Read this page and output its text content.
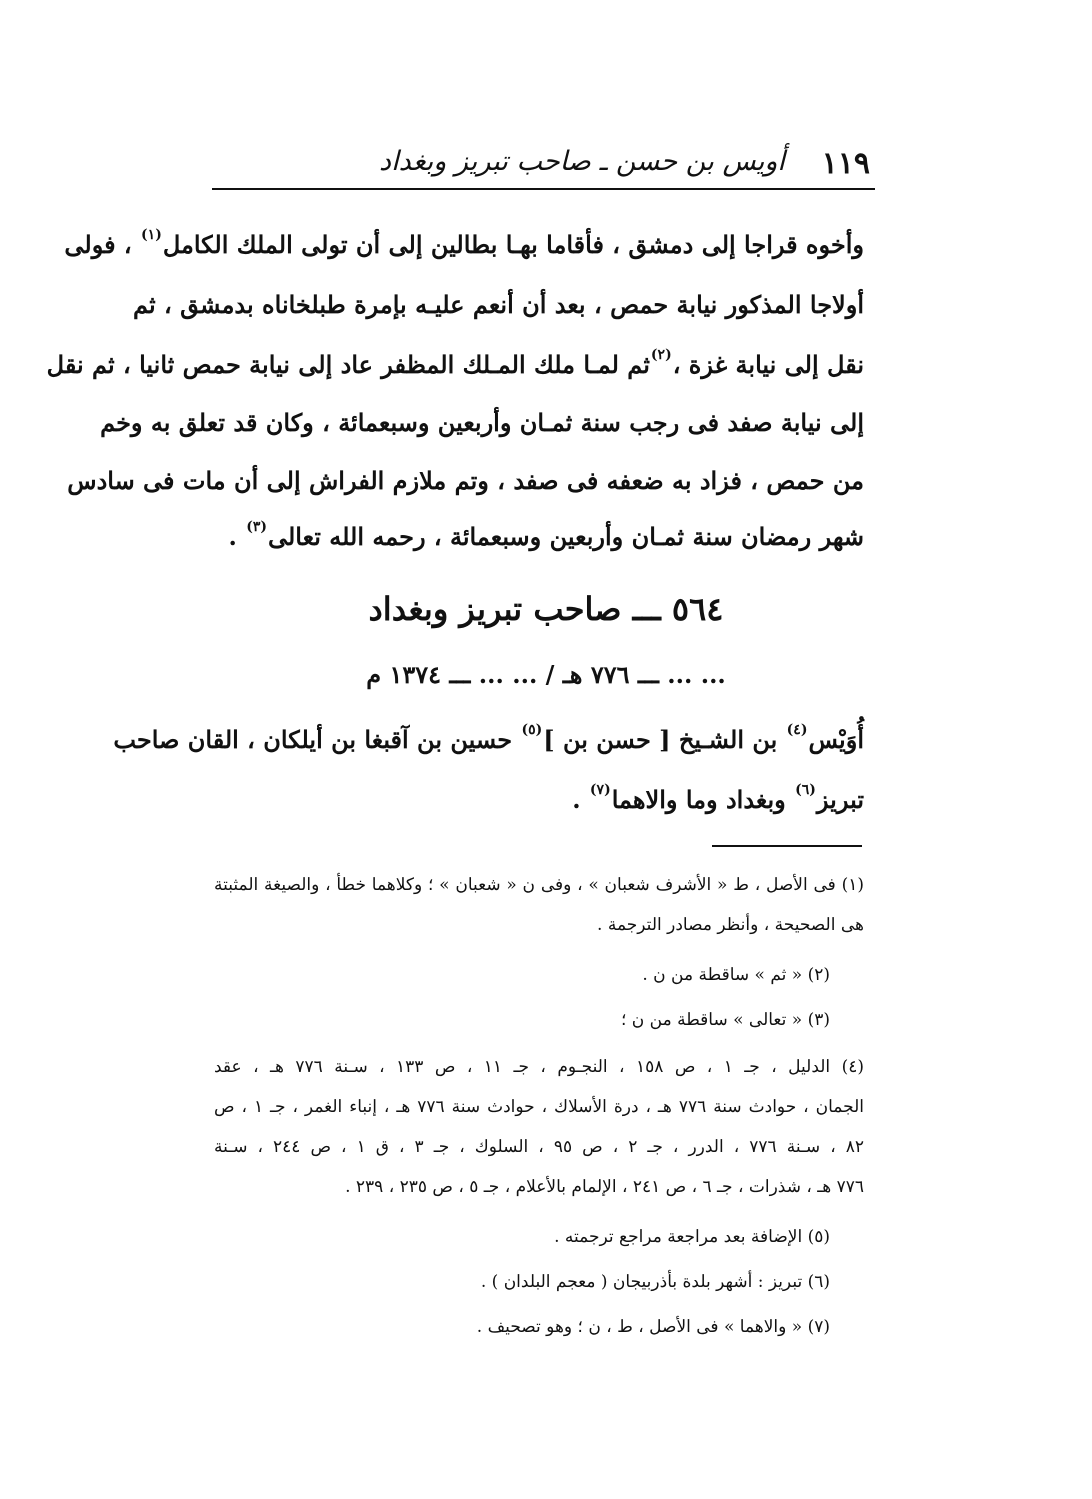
١١٩
أويس بن حسن ـ صاحب تبريز وبغداد
وأخوه قراجا إلى دمشق ، فأقاما بهـا بطالين إلى أن تولى الملك الكامل$^{(١)}$ ، فولى
أولاجا المذكور نيابة حمص ، بعد أن أنعم عليـه بإمرة طبلخاناه بدمشق ، ثم
نقل إلى نيابة غزة ،$^{(٢)}$ثم لمـا ملك المـلك المظفر عاد إلى نيابة حمص ثانيا ، ثم نقل
إلى نيابة صفد فى رجب سنة ثمـان وأربعين وسبعمائة ، وكان قد تعلق به وخم
من حمص ، فزاد به ضعفه فى صفد ، وتم ملازم الفراش إلى أن مات فى سادس
شهر رمضان سنة ثمـان وأربعين وسبعمائة ، رحمه الله تعالى$^{(٣)}$ .
٥٦٤ ـــ صاحب تبريز وبغداد
... ... ـــ ٧٧٦ هـ / ... ... ـــ ١٣٧٤ م
أُوَيْس$^{(٤)}$ بن الشـيخ [ حسن بن ]$^{(٥)}$ حسين بن آقبغا بن أيلكان ، القان صاحب
تبريز$^{(٦)}$ وبغداد وما والاهما$^{(٧)}$ .
(١) فى الأصل ، ط « الأشرف شعبان » ، وفى ن « شعبان » ؛ وكلاهما خطأ ، والصيغة المثبتة
هى الصحيحة ، وأنظر مصادر الترجمة .
(٢) « ثم » ساقطة من ن .
(٣) « تعالى » ساقطة من ن ؛
(٤) الدليل ، جـ ١ ، ص ١٥٨ ، النجـوم ، جـ ١١ ، ص ١٣٣ ، سـنة ٧٧٦ هـ ، عقد
الجمان ، حوادث سنة ٧٧٦ هـ ، درة الأسلاك ، حوادث سنة ٧٧٦ هـ ، إنباء الغمر ، جـ ١ ، ص
٨٢ ، سـنة ٧٧٦ ، الدرر ، جـ ٢ ، ص ٩٥ ، السلوك ، جـ ٣ ، ق ١ ، ص ٢٤٤ ، سـنة
٧٧٦ هـ ، شذرات ، جـ ٦ ، ص ٢٤١ ، الإلمام بالأعلام ، جـ ٥ ، ص ٢٣٥ ، ٢٣٩ .
(٥) الإضافة بعد مراجعة مراجع ترجمته .
(٦) تبريز : أشهر بلدة بأذربيجان ( معجم البلدان ) .
(٧) « والاهما » فى الأصل ، ط ، ن ؛ وهو تصحيف .
